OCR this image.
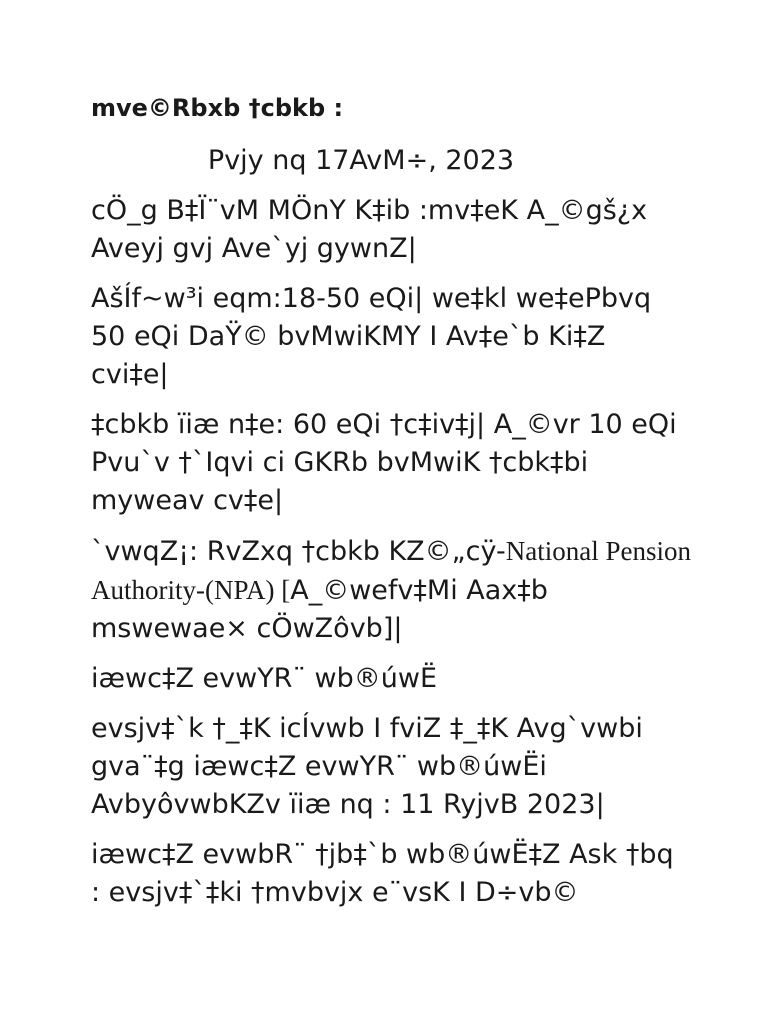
mve©Rbxb †cbkb :
Pvjy nq 17AvM÷, 2023

cÖ_g B‡Ï¨vM MÖnY K‡ib :mv‡eK A_©gš¿x Aveyj gvj Ave`yj gywnZ|

AšÍf~w³i eqm:18-50 eQi| we‡kl we‡ePbvq 50 eQi DaŸ© bvMwiKMY I Av‡e`b Ki‡Z cvi‡e|

‡cbkb ïiæ n‡e: 60 eQi †c‡iv‡j| A_©vr 10 eQi Pvu`v †`Iqvi ci GKRb bvMwiK †cbk‡bi myweav cv‡e|

`vwqZ¡: RvZxq †cbkb KZ©„cÿ-National Pension Authority-(NPA) [A_©wefv‡Mi Aax‡b mswewae× cÖwZôvb]|

iæwc‡Z evwYR¨ wb®úwË

evsjv‡`k †_‡K icÍvwb I fviZ ‡_‡K Avg`vwbi gva¨‡g iæwc‡Z evwYR¨ wb®úwËi AvbyôvwbKZv ïiæ nq : 11 RyjvB 2023|

iæwc‡Z evwbR¨ †jb‡`b wb®úwË‡Z Ask †bq : evsjv‡`‡ki †mvbvjx e¨vsK I D÷vb©
